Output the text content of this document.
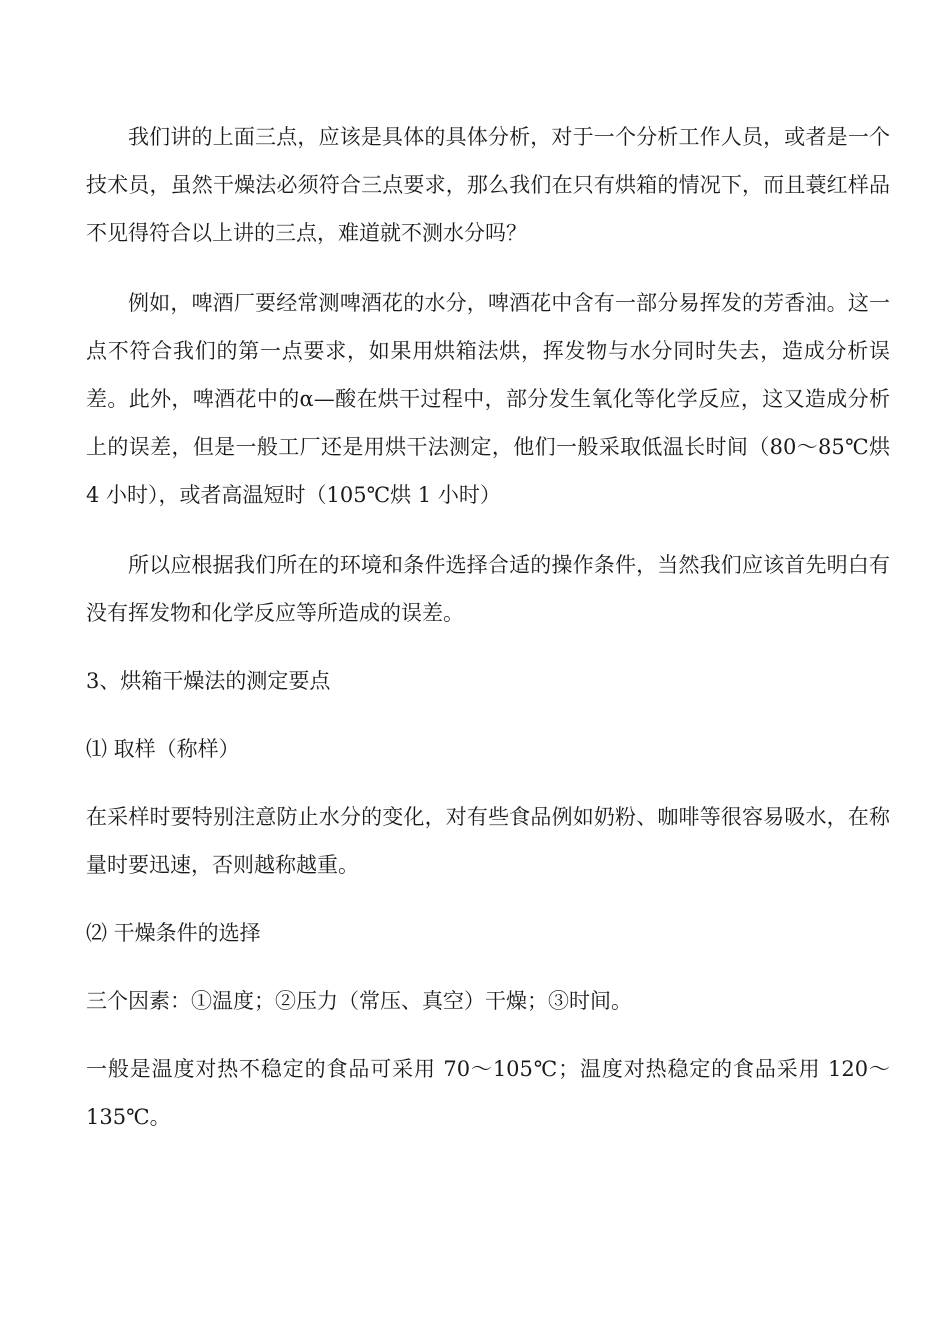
我们讲的上面三点，应该是具体的具体分析，对于一个分析工作人员，或者是一个技术员，虽然干燥法必须符合三点要求，那么我们在只有烘箱的情况下，而且蓑红样品不见得符合以上讲的三点，难道就不测水分吗？

例如，啤酒厂要经常测啤酒花的水分，啤酒花中含有一部分易挥发的芳香油。这一点不符合我们的第一点要求，如果用烘箱法烘，挥发物与水分同时失去，造成分析误差。此外，啤酒花中的α—酸在烘干过程中，部分发生氧化等化学反应，这又造成分析上的误差，但是一般工厂还是用烘干法测定，他们一般采取低温长时间（80～85℃烘 4 小时），或者高温短时（105℃烘 1 小时）

所以应根据我们所在的环境和条件选择合适的操作条件，当然我们应该首先明白有没有挥发物和化学反应等所造成的误差。

3、烘箱干燥法的测定要点

⑴ 取样（称样）

在采样时要特别注意防止水分的变化，对有些食品例如奶粉、咖啡等很容易吸水，在称量时要迅速，否则越称越重。

⑵ 干燥条件的选择

三个因素：①温度；②压力（常压、真空）干燥；③时间。

一般是温度对热不稳定的食品可采用 70～105℃；温度对热稳定的食品采用 120～135℃。
